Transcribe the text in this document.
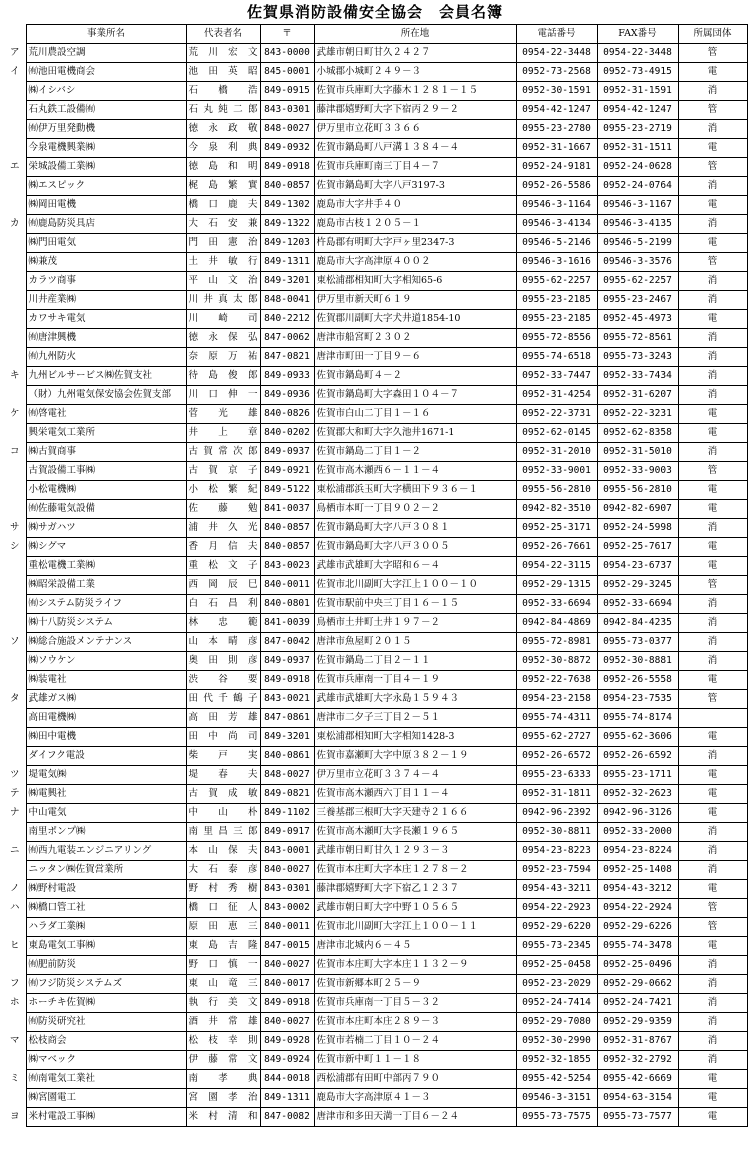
佐賀県消防設備安全協会　会員名簿
	事業所名	代表者名	〒	所在地	電話番号	FAX番号	所属団体
ア	荒川農設空調	荒川宏文	843-0000	武雄市朝日町甘久２４２７	0954-22-3448	0954-22-3448	管
イ	㈲池田電機商会	池田英昭	845-0001	小城郡小城町２４９－３	0952-73-2568	0952-73-4915	電
	㈱イシバシ	石橋浩	849-0915	佐賀市兵庫町大字藤木１２８１－１５	0952-30-1591	0952-31-1591	消
	石丸鉄工設備㈲	石丸純二郎	843-0301	藤津郡嬉野町大字下宿丙２９－２	0954-42-1247	0954-42-1247	管
	㈲伊万里発動機	徳永政敬	848-0027	伊万里市立花町３３６６	0955-23-2780	0955-23-2719	消
	今泉電機興業㈱	今泉利典	849-0932	佐賀市鍋島町八戸溝１３８４－４	0952-31-1667	0952-31-1511	電
エ	栄城設備工業㈱	徳島和明	849-0918	佐賀市兵庫町南三丁目４－７	0952-24-9181	0952-24-0628	管
	㈱エスピック	梶島繁實	840-0857	佐賀市鍋島町大字八戸3197-3	0952-26-5586	0952-24-0764	消
	㈱岡田電機	橋口鹿夫	849-1302	鹿島市大字井手４０	09546-3-1164	09546-3-1167	電
カ	㈲鹿島防災具店	大石安兼	849-1322	鹿島市古枝１２０５－１	09546-3-4134	09546-3-4135	消
	㈱門田電気	門田憲治	849-1203	杵島郡有明町大字戸ヶ里2347-3	09546-5-2146	09546-5-2199	電
	㈱兼茂	土井敏行	849-1311	鹿島市大字高津原４００２	09546-3-1616	09546-3-3576	管
	カラツ商事	平山文治	849-3201	東松浦郡相知町大字相知65-6	0955-62-2257	0955-62-2257	消
	川井産業㈱	川井真太郎	848-0041	伊万里市新天町６１９	0955-23-2185	0955-23-2467	消
	カワサキ電気	川崎司	840-2212	佐賀郡川副町大字犬井道1854-10	0955-23-2185	0952-45-4973	電
	㈲唐津興機	徳永保弘	847-0062	唐津市船宮町２３０２	0955-72-8556	0955-72-8561	消
	㈲九州防火	奈原万祐	847-0821	唐津市町田一丁目９－６	0955-74-6518	0955-73-3243	消
キ	九州ビルサービス㈱佐賀支社	待島俊郎	849-0933	佐賀市鍋島町４－２	0952-33-7447	0952-33-7434	消
	（財）九州電気保安協会佐賀支部	川口伸一	849-0936	佐賀市鍋島町大字森田１０４－７	0952-31-4254	0952-31-6207	消
ケ	㈲啓電社	菅光雄	840-0826	佐賀市白山二丁目１－１６	0952-22-3731	0952-22-3231	電
	興栄電気工業所	井上章	840-0202	佐賀郡大和町大字久池井1671-1	0952-62-0145	0952-62-8358	電
コ	㈱古賀商事	古賀常次郎	849-0937	佐賀市鍋島二丁目１－２	0952-31-2010	0952-31-5010	消
	古賀設備工事㈱	古賀京子	849-0921	佐賀市高木瀬西６－１１－４	0952-33-9001	0952-33-9003	管
	小松電機㈱	小松繁紀	849-5122	東松浦郡浜玉町大字横田下９３６－１	0955-56-2810	0955-56-2810	電
	㈲佐藤電気設備	佐藤勉	841-0037	鳥栖市本町一丁目９０２－２	0942-82-3510	0942-82-6907	電
サ	㈱サガハツ	浦井久光	840-0857	佐賀市鍋島町大字八戸３０８１	0952-25-3171	0952-24-5998	消
シ	㈱シグマ	香月信夫	840-0857	佐賀市鍋島町大字八戸３００５	0952-26-7661	0952-25-7617	電
	重松電機工業㈱	重松文子	843-0023	武雄市武雄町大字昭和６－４	0954-22-3115	0954-23-6737	電
	㈱昭栄設備工業	西岡辰巳	840-0011	佐賀市北川副町大字江上１００－１０	0952-29-1315	0952-29-3245	管
	㈲システム防災ライフ	白石昌利	840-0801	佐賀市駅前中央三丁目１６－１５	0952-33-6694	0952-33-6694	消
	㈱十八防災システム	林忠範	841-0039	鳥栖市土井町土井１９７－２	0942-84-4869	0942-84-4235	消
ソ	㈱総合施設メンテナンス	山本晴彦	847-0042	唐津市魚屋町２０１５	0955-72-8981	0955-73-0377	消
	㈱ソウケン	奥田則彦	849-0937	佐賀市鍋島二丁目２－１１	0952-30-8872	0952-30-8881	消
	㈱装電社	渋谷要	849-0918	佐賀市兵庫南一丁目４－１９	0952-22-7638	0952-26-5558	電
タ	武雄ガス㈱	田代千鶴子	843-0021	武雄市武雄町大字永島１５９４３	0954-23-2158	0954-23-7535	管
	高田電機㈱	高田芳雄	847-0861	唐津市二夕子三丁目２－５１	0955-74-4311	0955-74-8174	
	㈱田中電機	田中尚司	849-3201	東松浦郡相知町大字相知1428-3	0955-62-2727	0955-62-3606	電
	ダイフク電設	柴戸実	840-0861	佐賀市嘉瀬町大字中原３８２－１９	0952-26-6572	0952-26-6592	消
ツ	堤電気㈱	堤春夫	848-0027	伊万里市立花町３３７４－４	0955-23-6333	0955-23-1711	電
テ	㈱電興社	古賀成敏	849-0821	佐賀市高木瀬西六丁目１１－４	0952-31-1811	0952-32-2623	電
ナ	中山電気	中山朴	849-1102	三養基郡三根町大字天建寺２１６６	0942-96-2392	0942-96-3126	電
	南里ポンプ㈱	南里昌三郎	849-0917	佐賀市高木瀬町大字長瀬１９６５	0952-30-8811	0952-33-2000	消
ニ	㈲西九電装エンジニアリング	本山保夫	843-0001	武雄市朝日町甘久１２９３－３	0954-23-8223	0954-23-8224	消
	ニッタン㈱佐賀営業所	大石泰彦	840-0027	佐賀市本庄町大字本庄１２７８－２	0952-23-7594	0952-25-1408	消
ノ	㈱野村電設	野村秀樹	843-0301	藤津郡嬉野町大字下宿乙１２３７	0954-43-3211	0954-43-3212	電
ハ	㈱橋口管工社	橋口征人	843-0002	武雄市朝日町大字中野１０５６５	0954-22-2923	0954-22-2924	管
	ハラダ工業㈱	原田恵三	840-0011	佐賀市北川副町大字江上１００－１１	0952-29-6220	0952-29-6226	管
ヒ	東島電気工事㈱	東島吉隆	847-0015	唐津市北城内６－４５	0955-73-2345	0955-74-3478	電
	㈲肥前防災	野口慎一	840-0027	佐賀市本庄町大字本庄１１３２－９	0952-25-0458	0952-25-0496	消
フ	㈲フジ防災システムズ	東山竜三	840-0017	佐賀市新郷本町２５－９	0952-23-2029	0952-29-0662	消
ホ	ホーチキ佐賀㈱	執行美文	849-0918	佐賀市兵庫南一丁目５－３２	0952-24-7414	0952-24-7421	消
	㈲防災研究社	酒井常雄	840-0027	佐賀市本庄町本庄２８９－３	0952-29-7080	0952-29-9359	消
マ	松枝商会	松枝幸則	849-0928	佐賀市若楠二丁目１０－２４	0952-30-2990	0952-31-8767	消
	㈱マベック	伊藤常文	849-0924	佐賀市新中町１１－１８	0952-32-1855	0952-32-2792	消
ミ	㈲南電気工業社	南孝典	844-0018	西松浦郡有田町中部丙７９０	0955-42-5254	0955-42-6669	電
	㈱宮園電工	宮園孝治	849-1311	鹿島市大字高津原４１－３	09546-3-3151	0954-63-3154	電
ヨ	米村電設工事㈱	米村清和	847-0082	唐津市和多田天満一丁目６－２４	0955-73-7575	0955-73-7577	電
